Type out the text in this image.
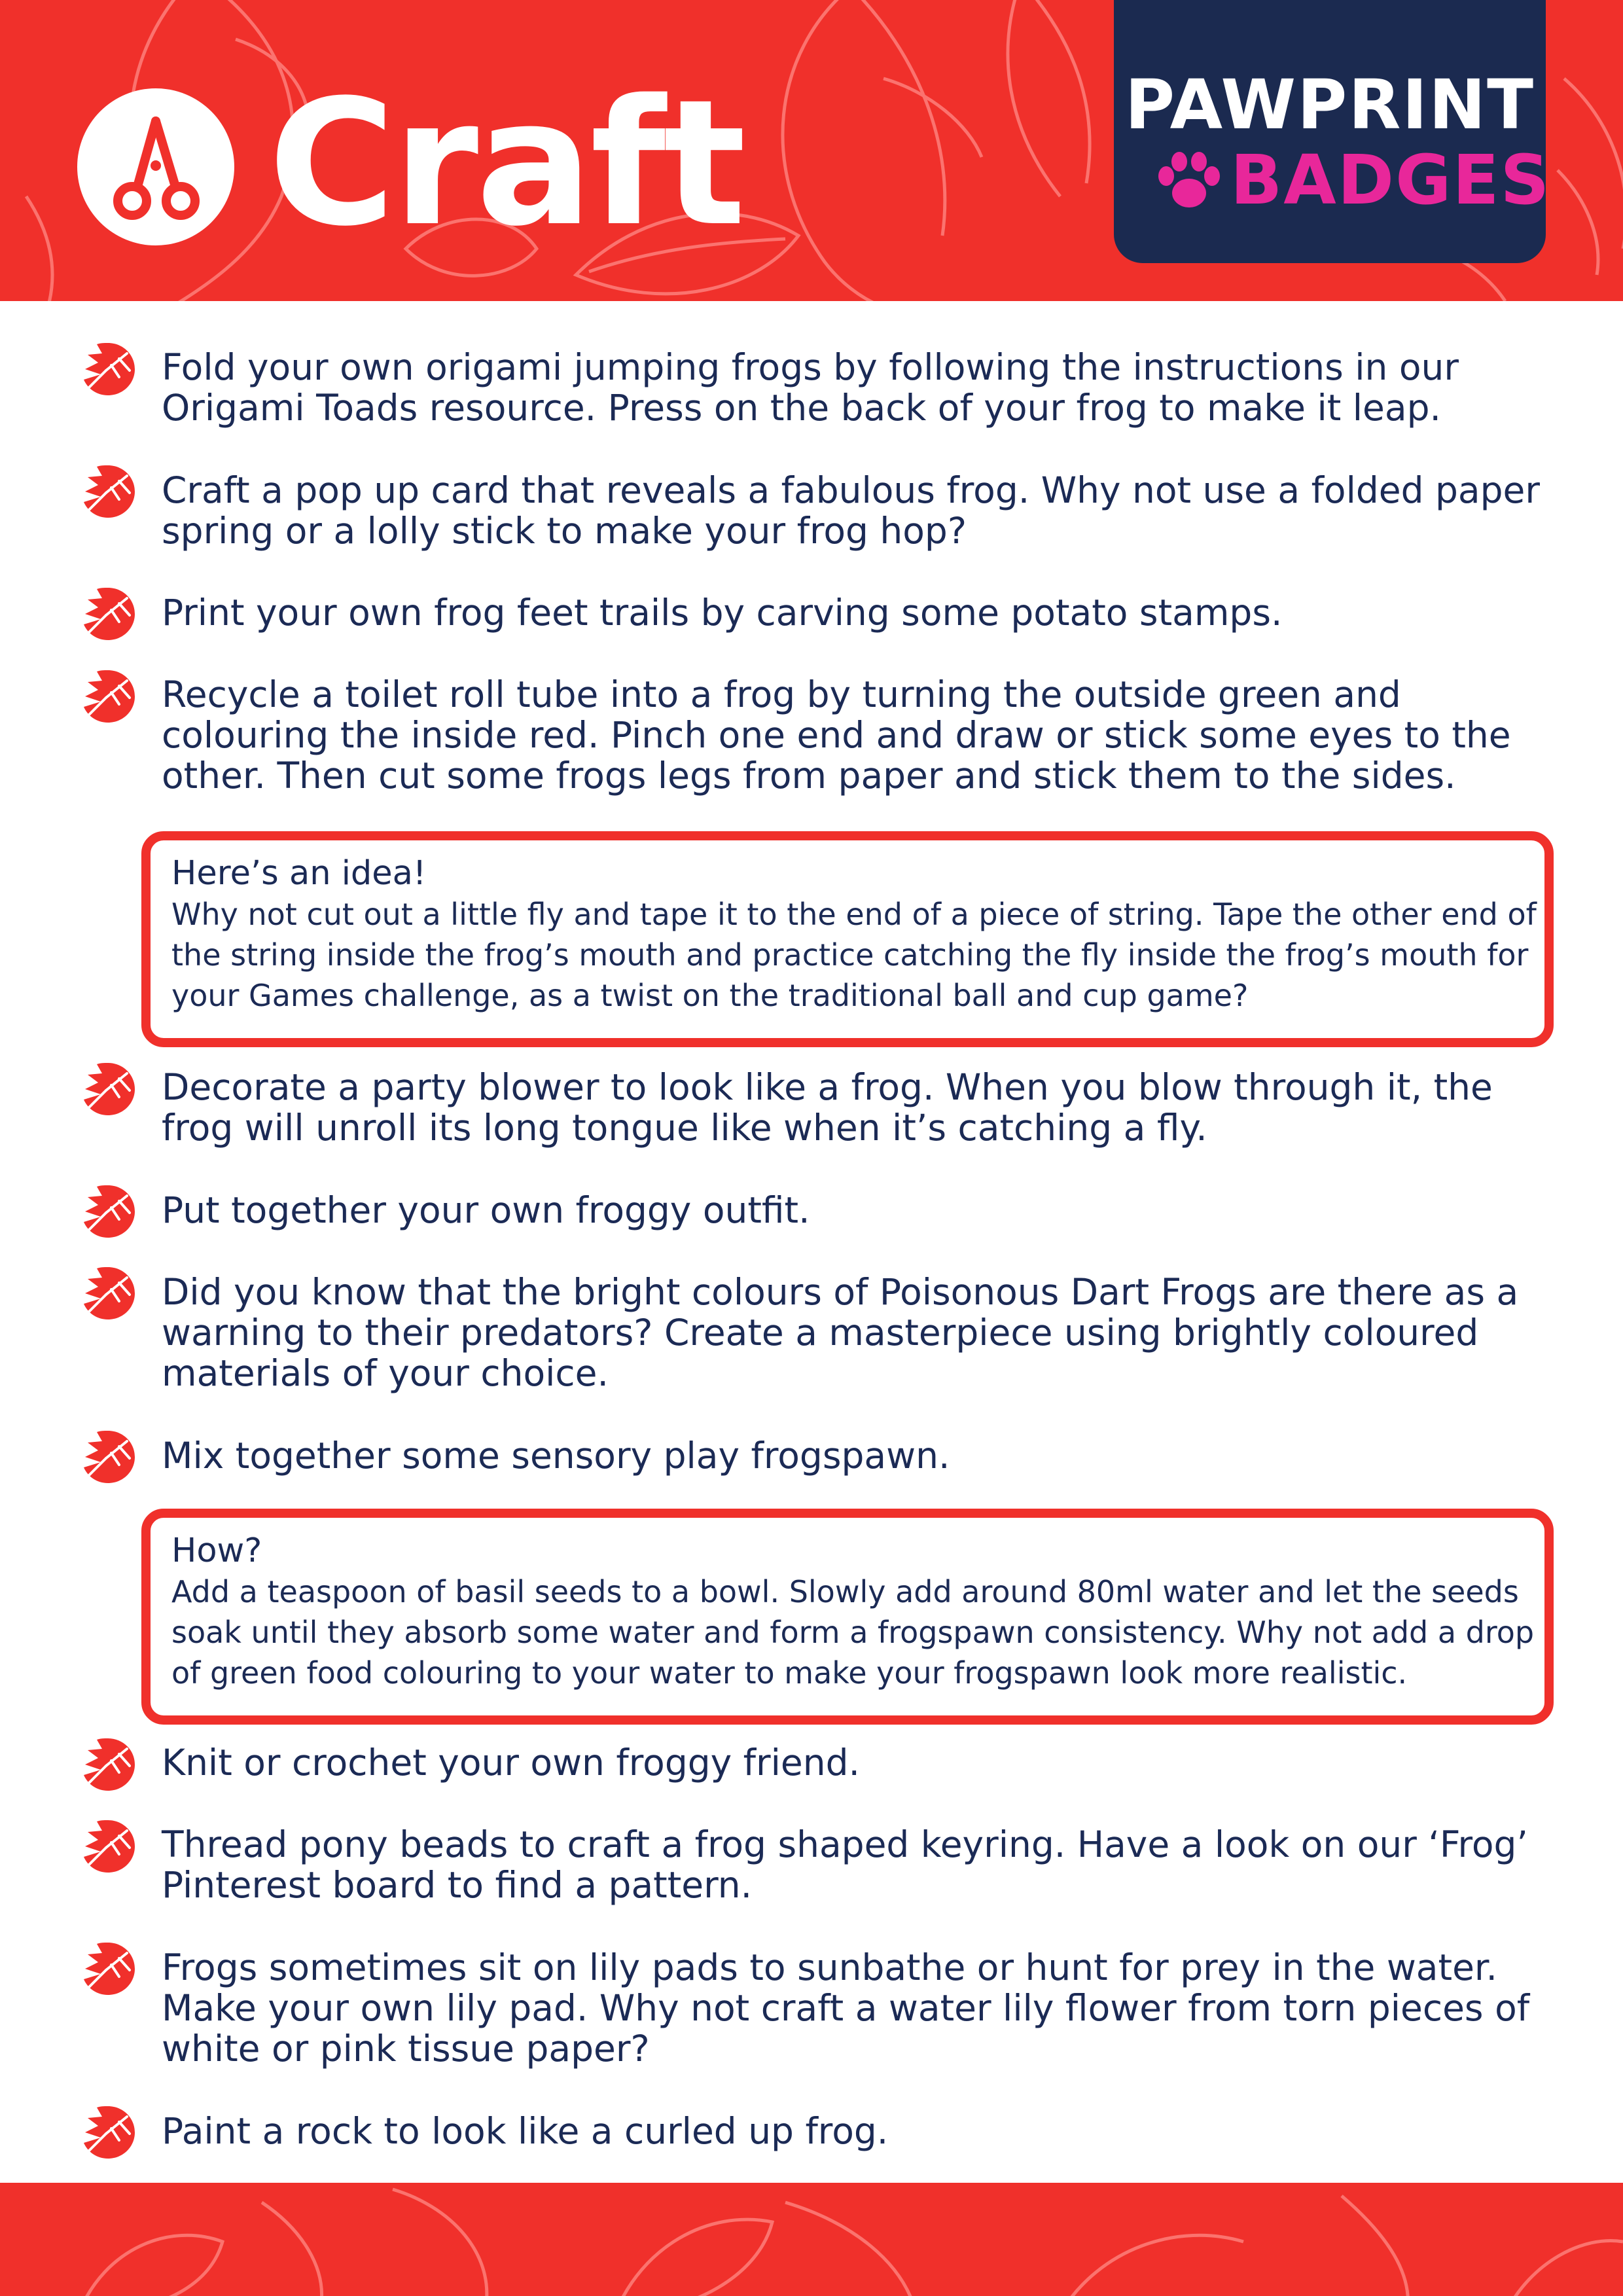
Craft	PAWPRINT
BADGES
Fold your own origami jumping frogs by following the instructions in our Origami Toads resource. Press on the back of your frog to make it leap.
Craft a pop up card that reveals a fabulous frog. Why not use a folded paper spring or a lolly stick to make your frog hop?
Print your own frog feet trails by carving some potato stamps.
Recycle a toilet roll tube into a frog by turning the outside green and colouring the inside red. Pinch one end and draw or stick some eyes to the other. Then cut some frogs legs from paper and stick them to the sides.
Here’s an idea!
Why not cut out a little fly and tape it to the end of a piece of string. Tape the other end of the string inside the frog’s mouth and practice catching the fly inside the frog’s mouth for your Games challenge, as a twist on the traditional ball and cup game?
Decorate a party blower to look like a frog. When you blow through it, the frog will unroll its long tongue like when it’s catching a fly.
Put together your own froggy outfit.
Did you know that the bright colours of Poisonous Dart Frogs are there as a warning to their predators? Create a masterpiece using brightly coloured materials of your choice.
Mix together some sensory play frogspawn.
How?
Add a teaspoon of basil seeds to a bowl. Slowly add around 80ml water and let the seeds soak until they absorb some water and form a frogspawn consistency. Why not add a drop of green food colouring to your water to make your frogspawn look more realistic.
Knit or crochet your own froggy friend.
Thread pony beads to craft a frog shaped keyring. Have a look on our ‘Frog’ Pinterest board to find a pattern.
Frogs sometimes sit on lily pads to sunbathe or hunt for prey in the water. Make your own lily pad. Why not craft a water lily flower from torn pieces of white or pink tissue paper?
Paint a rock to look like a curled up frog.
